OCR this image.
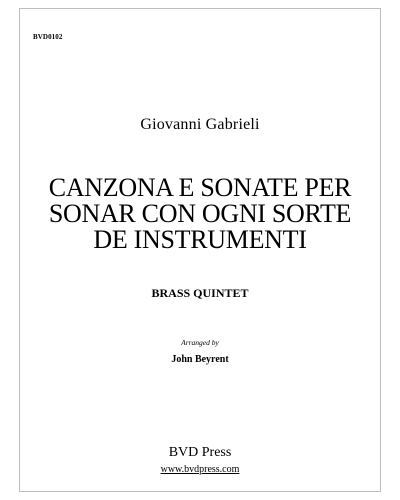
BVD0102
Giovanni Gabrieli
CANZONA E SONATE PER
SONAR CON OGNI SORTE
DE INSTRUMENTI
BRASS QUINTET
Arranged by
John Beyrent
BVD Press
www.bvdpress.com
